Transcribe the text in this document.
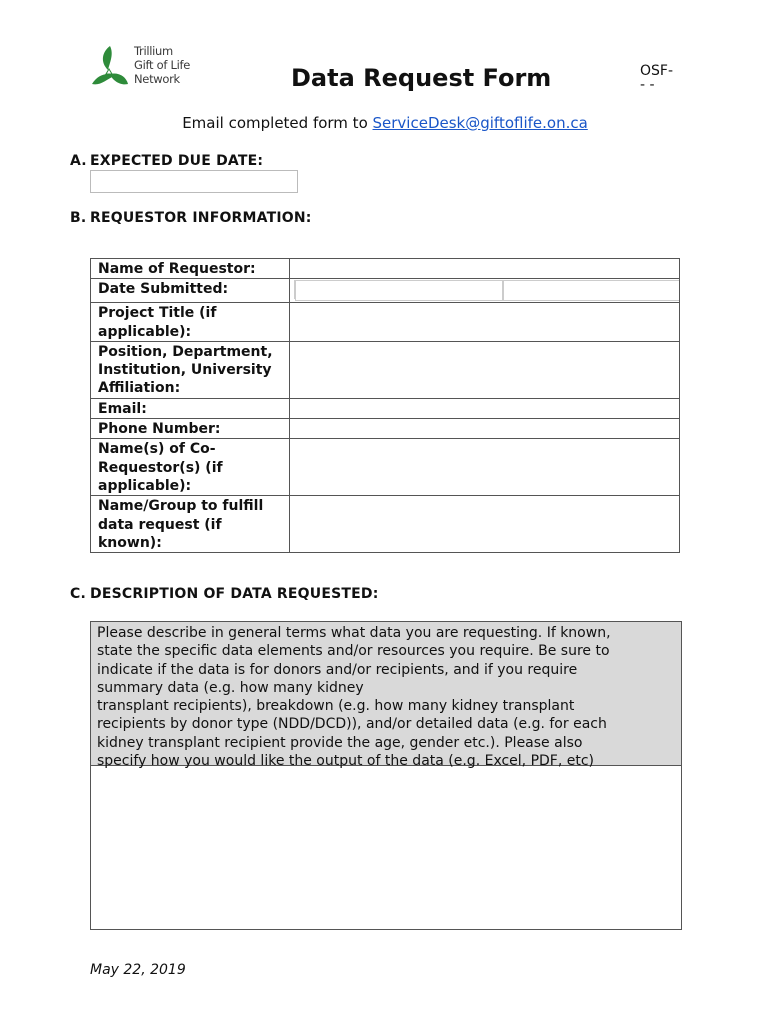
Trillium
Gift of Life
Network	Data Request Form	OSF-
- -
Email completed form to ServiceDesk@giftoflife.on.ca
A. EXPECTED DUE DATE:
B. REQUESTOR INFORMATION:
Name of Requestor:	
Date Submitted:	

Project Title (if applicable):	
Position, Department, Institution, University Affiliation:	
Email:	
Phone Number:	
Name(s) of Co-Requestor(s) (if applicable):	
Name/Group to fulfill data request (if known):	
C. DESCRIPTION OF DATA REQUESTED:
Please describe in general terms what data you are requesting. If known,
state the specific data elements and/or resources you require. Be sure to
indicate if the data is for donors and/or recipients, and if you require
summary data (e.g. how many kidney
transplant recipients), breakdown (e.g. how many kidney transplant
recipients by donor type (NDD/DCD)), and/or detailed data (e.g. for each
kidney transplant recipient provide the age, gender etc.). Please also
specify how you would like the output of the data (e.g. Excel, PDF, etc)
May 22, 2019
